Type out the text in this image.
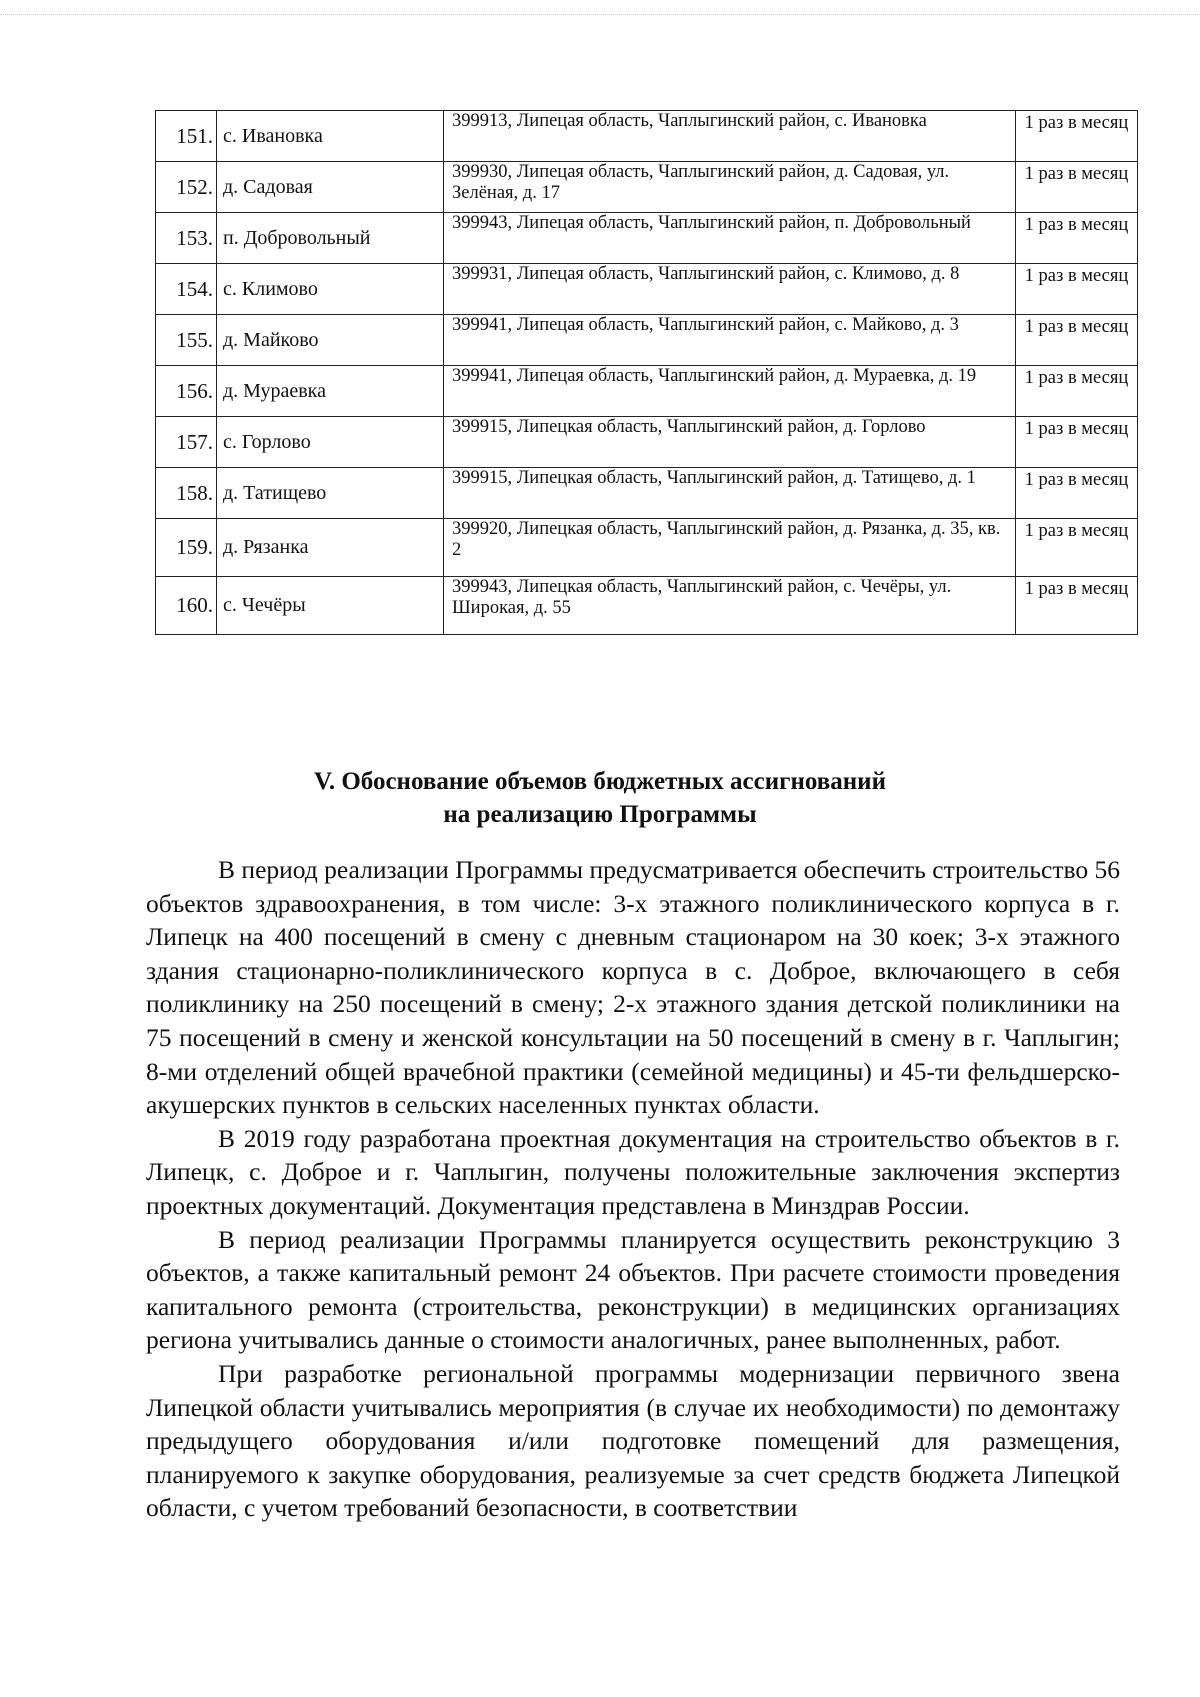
151.	с. Ивановка	399913, Липецая область, Чаплыгинский район, с. Ивановка	1 раз в месяц
152.	д. Садовая	399930, Липецая область, Чаплыгинский район, д. Садовая, ул. Зелёная, д. 17	1 раз в месяц
153.	п. Добровольный	399943, Липецая область, Чаплыгинский район, п. Добровольный	1 раз в месяц
154.	с. Климово	399931, Липецая область, Чаплыгинский район, с. Климово, д. 8	1 раз в месяц
155.	д. Майково	399941, Липецая область, Чаплыгинский район, с. Майково, д. 3	1 раз в месяц
156.	д. Мураевка	399941, Липецая область, Чаплыгинский район, д. Мураевка, д. 19	1 раз в месяц
157.	с. Горлово	399915, Липецкая область, Чаплыгинский район, д. Горлово	1 раз в месяц
158.	д. Татищево	399915, Липецкая область, Чаплыгинский район, д. Татищево, д. 1	1 раз в месяц
159.	д. Рязанка	399920, Липецкая область, Чаплыгинский район, д. Рязанка, д. 35, кв. 2	1 раз в месяц
160.	с. Чечёры	399943, Липецкая область, Чаплыгинский район, с. Чечёры, ул. Широкая, д. 55	1 раз в месяц
V. Обоснование объемов бюджетных ассигнований
на реализацию Программы

В период реализации Программы предусматривается обеспечить строительство 56 объектов здравоохранения, в том числе: 3-х этажного поликлинического корпуса в г. Липецк на 400 посещений в смену с дневным стационаром на 30 коек; 3-х этажного здания стационарно-поликлинического корпуса в с. Доброе, включающего в себя поликлинику на 250 посещений в смену; 2-х этажного здания детской поликлиники на 75 посещений в смену и женской консультации на 50 посещений в смену в г. Чаплыгин; 8-ми отделений общей врачебной практики (семейной медицины) и 45-ти фельдшерско-акушерских пунктов в сельских населенных пунктах области.

В 2019 году разработана проектная документация на строительство объектов в г. Липецк, с. Доброе и г. Чаплыгин, получены положительные заключения экспертиз проектных документаций. Документация представлена в Минздрав России.

В период реализации Программы планируется осуществить реконструкцию 3 объектов, а также капитальный ремонт 24 объектов. При расчете стоимости проведения капитального ремонта (строительства, реконструкции) в медицинских организациях региона учитывались данные о стоимости аналогичных, ранее выполненных, работ.

При разработке региональной программы модернизации первичного звена Липецкой области учитывались мероприятия (в случае их необходимости) по демонтажу предыдущего оборудования и/или подготовке помещений для размещения, планируемого к закупке оборудования, реализуемые за счет средств бюджета Липецкой области, с учетом требований безопасности, в соответствии
